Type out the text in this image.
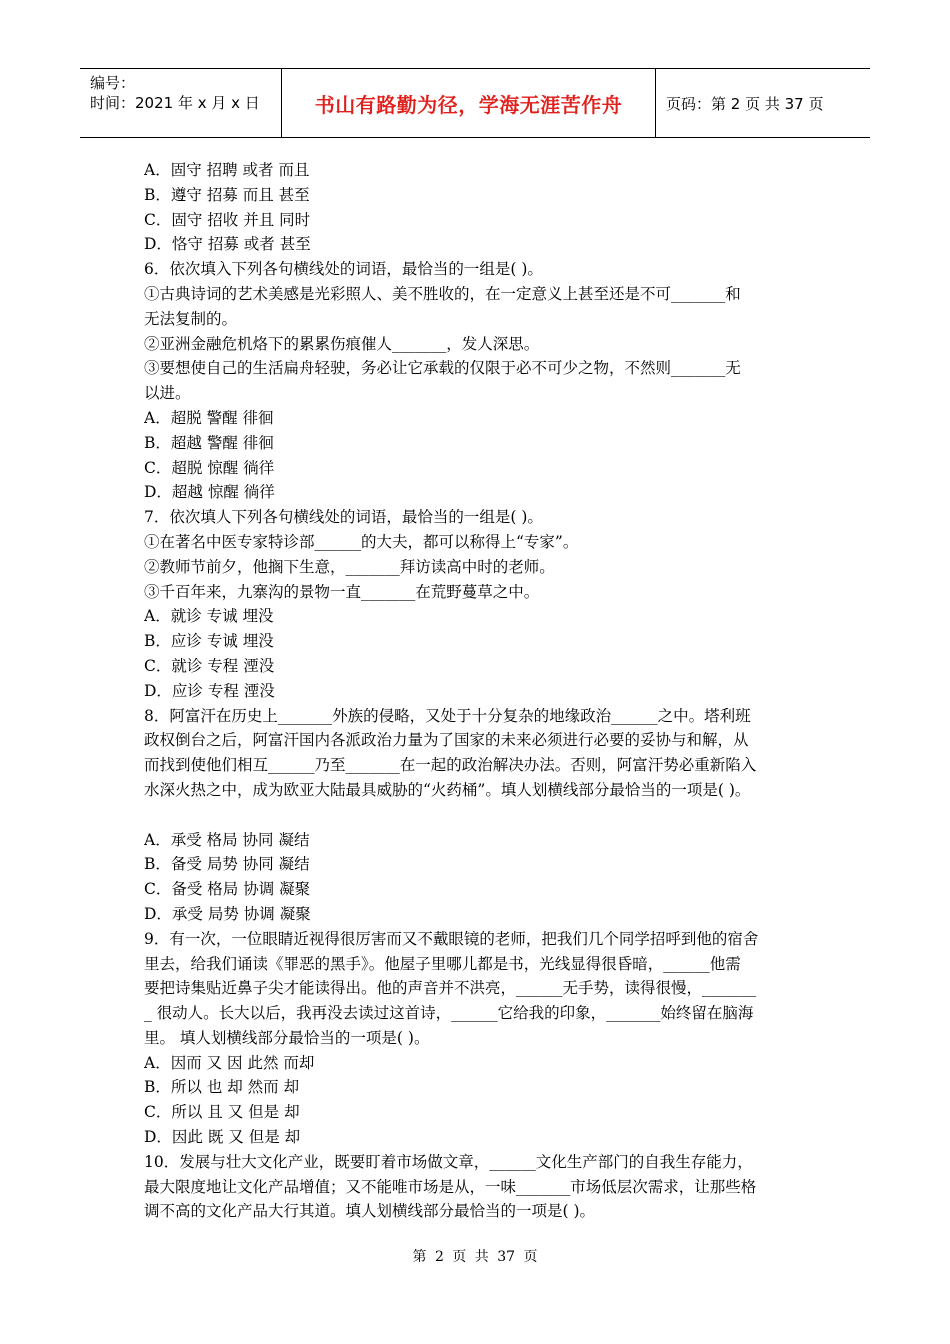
编号：
时间：2021 年 x 月 x 日	书山有路勤为径，学海无涯苦作舟	页码：第 2 页 共 37 页
A．固守 招聘 或者 而且
B．遵守 招募 而且 甚至
C．固守 招收 并且 同时
D．恪守 招募 或者 甚至
6．依次填入下列各句横线处的词语，最恰当的一组是( )。
①古典诗词的艺术美感是光彩照人、美不胜收的，在一定意义上甚至还是不可_______和
无法复制的。
②亚洲金融危机烙下的累累伤痕催人_______，发人深思。
③要想使自己的生活扁舟轻驶，务必让它承载的仅限于必不可少之物，不然则_______无
以进。
A．超脱 警醒 徘徊
B．超越 警醒 徘徊
C．超脱 惊醒 徜徉
D．超越 惊醒 徜徉
7．依次填人下列各句横线处的词语，最恰当的一组是( )。
①在著名中医专家特诊部______的大夫，都可以称得上“专家”。
②教师节前夕，他搁下生意，_______拜访读高中时的老师。
③千百年来，九寨沟的景物一直_______在荒野蔓草之中。
A．就诊 专诚 埋没
B．应诊 专诚 埋没
C．就诊 专程 湮没
D．应诊 专程 湮没
8．阿富汗在历史上_______外族的侵略，又处于十分复杂的地缘政治______之中。塔利班
政权倒台之后，阿富汗国内各派政治力量为了国家的未来必须进行必要的妥协与和解，从
而找到使他们相互______乃至_______在一起的政治解决办法。否则，阿富汗势必重新陷入
水深火热之中，成为欧亚大陆最具威胁的“火药桶”。填人划横线部分最恰当的一项是( )。
A．承受 格局 协同 凝结
B．备受 局势 协同 凝结
C．备受 格局 协调 凝聚
D．承受 局势 协调 凝聚
9．有一次，一位眼睛近视得很厉害而又不戴眼镜的老师，把我们几个同学招呼到他的宿舍
里去，给我们诵读《罪恶的黑手》。他屋子里哪儿都是书，光线显得很昏暗，______他需
要把诗集贴近鼻子尖才能读得出。他的声音并不洪亮，______无手势，读得很慢，_______
_ 很动人。长大以后，我再没去读过这首诗，______它给我的印象，_______始终留在脑海
里。 填人划横线部分最恰当的一项是( )。
A．因而 又 因 此然 而却
B．所以 也 却 然而 却
C．所以 且 又 但是 却
D．因此 既 又 但是 却
10．发展与壮大文化产业，既要盯着市场做文章，______文化生产部门的自我生存能力，
最大限度地让文化产品增值；又不能唯市场是从，一味_______市场低层次需求，让那些格
调不高的文化产品大行其道。填人划横线部分最恰当的一项是( )。
第 2 页 共 37 页
